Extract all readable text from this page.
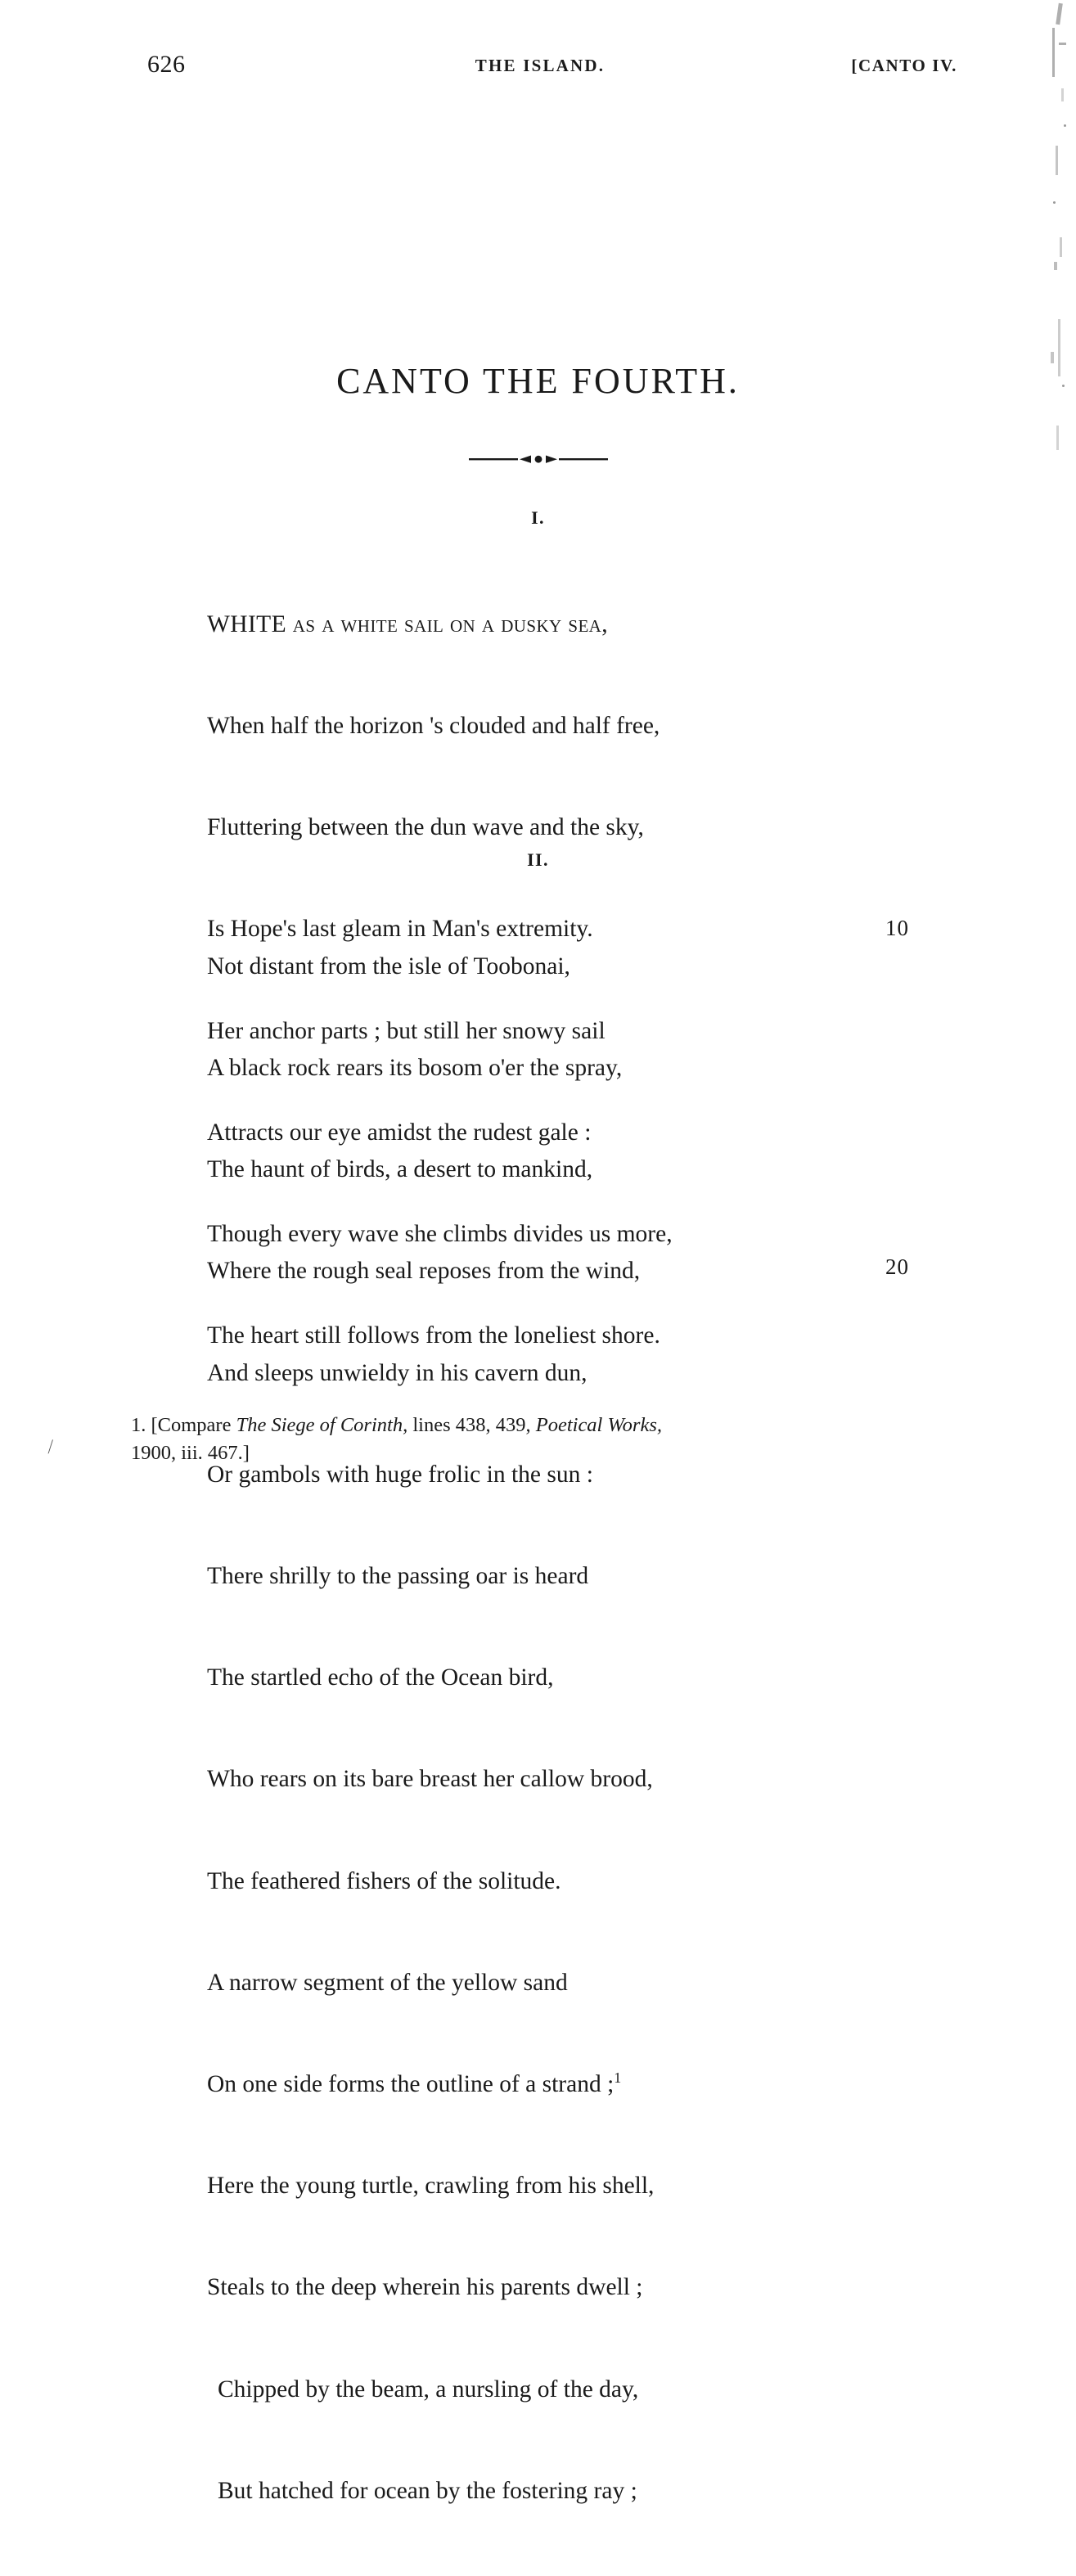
626	THE ISLAND.	[CANTO IV.
CANTO THE FOURTH.
I.

WHITE as a white sail on a dusky sea,

When half the horizon 's clouded and half free,

Fluttering between the dun wave and the sky,

Is Hope's last gleam in Man's extremity.

Her anchor parts ; but still her snowy sail

Attracts our eye amidst the rudest gale :

Though every wave she climbs divides us more,

The heart still follows from the loneliest shore.

II.

Not distant from the isle of Toobonai,

A black rock rears its bosom o'er the spray,

The haunt of birds, a desert to mankind,

Where the rough seal reposes from the wind,

And sleeps unwieldy in his cavern dun,

Or gambols with huge frolic in the sun :

There shrilly to the passing oar is heard

The startled echo of the Ocean bird,

Who rears on its bare breast her callow brood,

The feathered fishers of the solitude.

A narrow segment of the yellow sand

On one side forms the outline of a strand ;$^1$

Here the young turtle, crawling from his shell,

Steals to the deep wherein his parents dwell ;

Chipped by the beam, a nursling of the day,

But hatched for ocean by the fostering ray ;

10
20
1. [Compare The Siege of Corinth, lines 438, 439, Poetical Works,
1900, iii. 467.]
⁄
